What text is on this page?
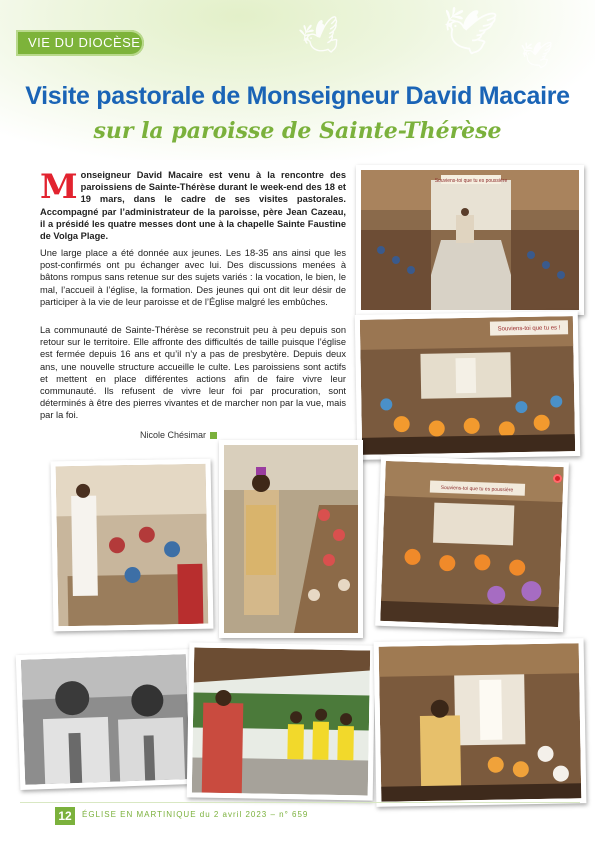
🕊 🕊 🕊
VIE DU DIOCÈSE
Visite pastorale de Monseigneur David Macaire
sur la paroisse de Sainte-Thérèse
Monseigneur David Macaire est venu à la rencontre des paroissiens de Sainte-Thérèse durant le week-end des 18 et 19 mars, dans le cadre de ses visites pastorales. Accompagné par l’administrateur de la paroisse, père Jean Cazeau, il a présidé les quatre messes dont une à la chapelle Sainte Faustine de Volga Plage.
Une large place a été donnée aux jeunes. Les 18-35 ans ainsi que les post-confirmés ont pu échanger avec lui. Des discussions menées à bâtons rompus sans retenue sur des sujets variés : la vocation, le bien, le mal, l’accueil à l’église, la formation. Des jeunes qui ont dit leur désir de participer à la vie de leur paroisse et de l’Église malgré les embûches.
La communauté de Sainte-Thérèse se reconstruit peu à peu depuis son retour sur le territoire. Elle affronte des difficultés de taille puisque l’église est fermée depuis 16 ans et qu’il n’y a pas de presbytère. Depuis deux ans, une nouvelle structure accueille le culte. Les paroissiens sont actifs et mettent en place différentes actions afin de faire vivre leur communauté. Ils refusent de vivre leur foi par procuration, sont déterminés à être des pierres vivantes et de marcher non par la vue, mais par la foi.
Nicole Chésimar
Souviens-toi que tu es poussière
Souviens-toi que tu es !
Souviens-toi que tu es poussière
12	ÉGLISE EN MARTINIQUE du 2 avril 2023 – n° 659
